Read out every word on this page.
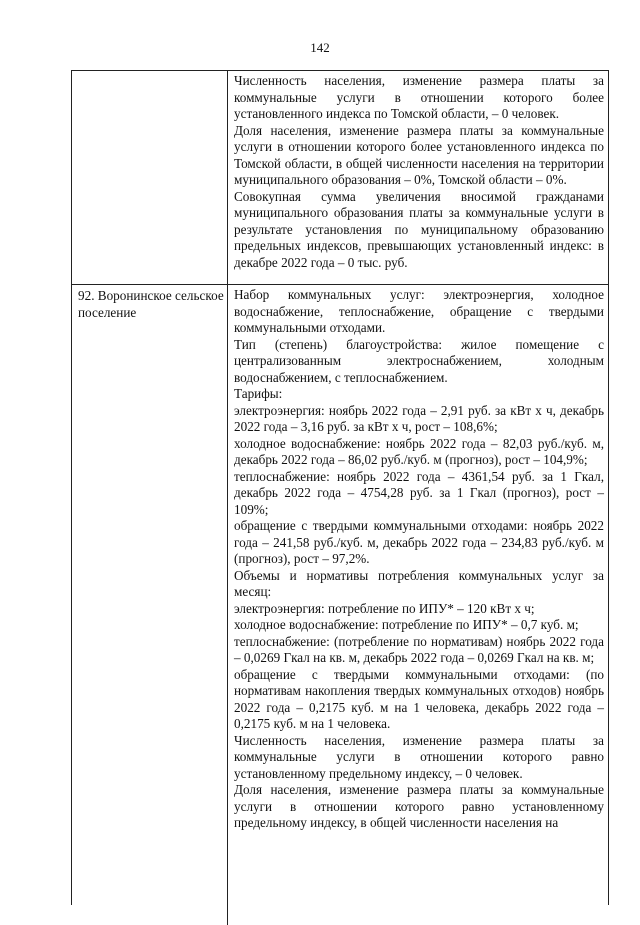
142

Численность населения, изменение размера платы за коммунальные услуги в отношении которого более установленного индекса по Томской области, – 0 человек.

Доля населения, изменение размера платы за коммунальные услуги в отношении которого более установленного индекса по Томской области, в общей численности населения на территории муниципального образования – 0%, Томской области – 0%.

Совокупная сумма увеличения вносимой гражданами муниципального образования платы за коммунальные услуги в результате установления по муниципальному образованию предельных индексов, превышающих установленный индекс: в декабре 2022 года – 0 тыс. руб.

92. Воронинское сельское поселение

Набор коммунальных услуг: электроэнергия, холодное водоснабжение, теплоснабжение, обращение с твердыми коммунальными отходами.

Тип (степень) благоустройства: жилое помещение с централизованным электроснабжением, холодным водоснабжением, с теплоснабжением.

Тарифы:

электроэнергия: ноябрь 2022 года – 2,91 руб. за кВт х ч, декабрь 2022 года – 3,16 руб. за кВт х ч, рост – 108,6%;

холодное водоснабжение: ноябрь 2022 года – 82,03 руб./куб. м, декабрь 2022 года – 86,02 руб./куб. м (прогноз), рост – 104,9%;

теплоснабжение: ноябрь 2022 года – 4361,54 руб. за 1 Гкал, декабрь 2022 года – 4754,28 руб. за 1 Гкал (прогноз), рост – 109%;

обращение с твердыми коммунальными отходами: ноябрь 2022 года – 241,58 руб./куб. м, декабрь 2022 года – 234,83 руб./куб. м (прогноз), рост – 97,2%.

Объемы и нормативы потребления коммунальных услуг за месяц:

электроэнергия: потребление по ИПУ* – 120 кВт х ч;

холодное водоснабжение: потребление по ИПУ* – 0,7 куб. м;

теплоснабжение: (потребление по нормативам) ноябрь 2022 года – 0,0269 Гкал на кв. м, декабрь 2022 года – 0,0269 Гкал на кв. м;

обращение с твердыми коммунальными отходами: (по нормативам накопления твердых коммунальных отходов) ноябрь 2022 года – 0,2175 куб. м на 1 человека, декабрь 2022 года – 0,2175 куб. м на 1 человека.

Численность населения, изменение размера платы за коммунальные услуги в отношении которого равно установленному предельному индексу, – 0 человек.

Доля населения, изменение размера платы за коммунальные услуги в отношении которого равно установленному предельному индексу, в общей численности населения на
